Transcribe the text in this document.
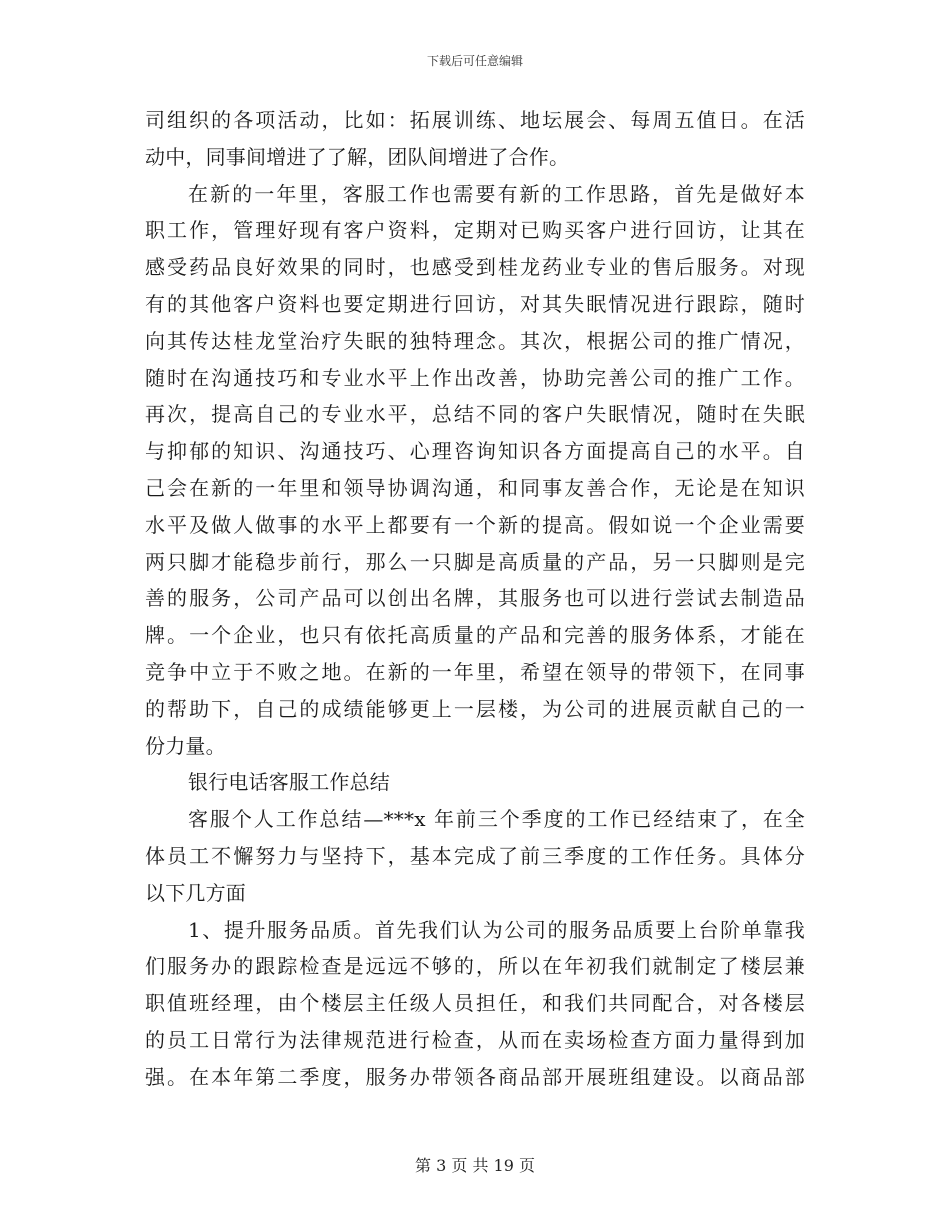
下载后可任意编辑
司组织的各项活动，比如：拓展训练、地坛展会、每周五值日。在活
动中，同事间增进了了解，团队间增进了合作。
在新的一年里，客服工作也需要有新的工作思路，首先是做好本
职工作，管理好现有客户资料，定期对已购买客户进行回访，让其在
感受药品良好效果的同时，也感受到桂龙药业专业的售后服务。对现
有的其他客户资料也要定期进行回访，对其失眠情况进行跟踪，随时
向其传达桂龙堂治疗失眠的独特理念。其次，根据公司的推广情况，
随时在沟通技巧和专业水平上作出改善，协助完善公司的推广工作。
再次，提高自己的专业水平，总结不同的客户失眠情况，随时在失眠
与抑郁的知识、沟通技巧、心理咨询知识各方面提高自己的水平。自
己会在新的一年里和领导协调沟通，和同事友善合作，无论是在知识
水平及做人做事的水平上都要有一个新的提高。假如说一个企业需要
两只脚才能稳步前行，那么一只脚是高质量的产品，另一只脚则是完
善的服务，公司产品可以创出名牌，其服务也可以进行尝试去制造品
牌。一个企业，也只有依托高质量的产品和完善的服务体系，才能在
竞争中立于不败之地。在新的一年里，希望在领导的带领下，在同事
的帮助下，自己的成绩能够更上一层楼，为公司的进展贡献自己的一
份力量。
银行电话客服工作总结
客服个人工作总结—***x 年前三个季度的工作已经结束了，在全
体员工不懈努力与坚持下，基本完成了前三季度的工作任务。具体分
以下几方面
1、提升服务品质。首先我们认为公司的服务品质要上台阶单靠我
们服务办的跟踪检查是远远不够的，所以在年初我们就制定了楼层兼
职值班经理，由个楼层主任级人员担任，和我们共同配合，对各楼层
的员工日常行为法律规范进行检查，从而在卖场检查方面力量得到加
强。在本年第二季度，服务办带领各商品部开展班组建设。以商品部
第 3 页 共 19 页
